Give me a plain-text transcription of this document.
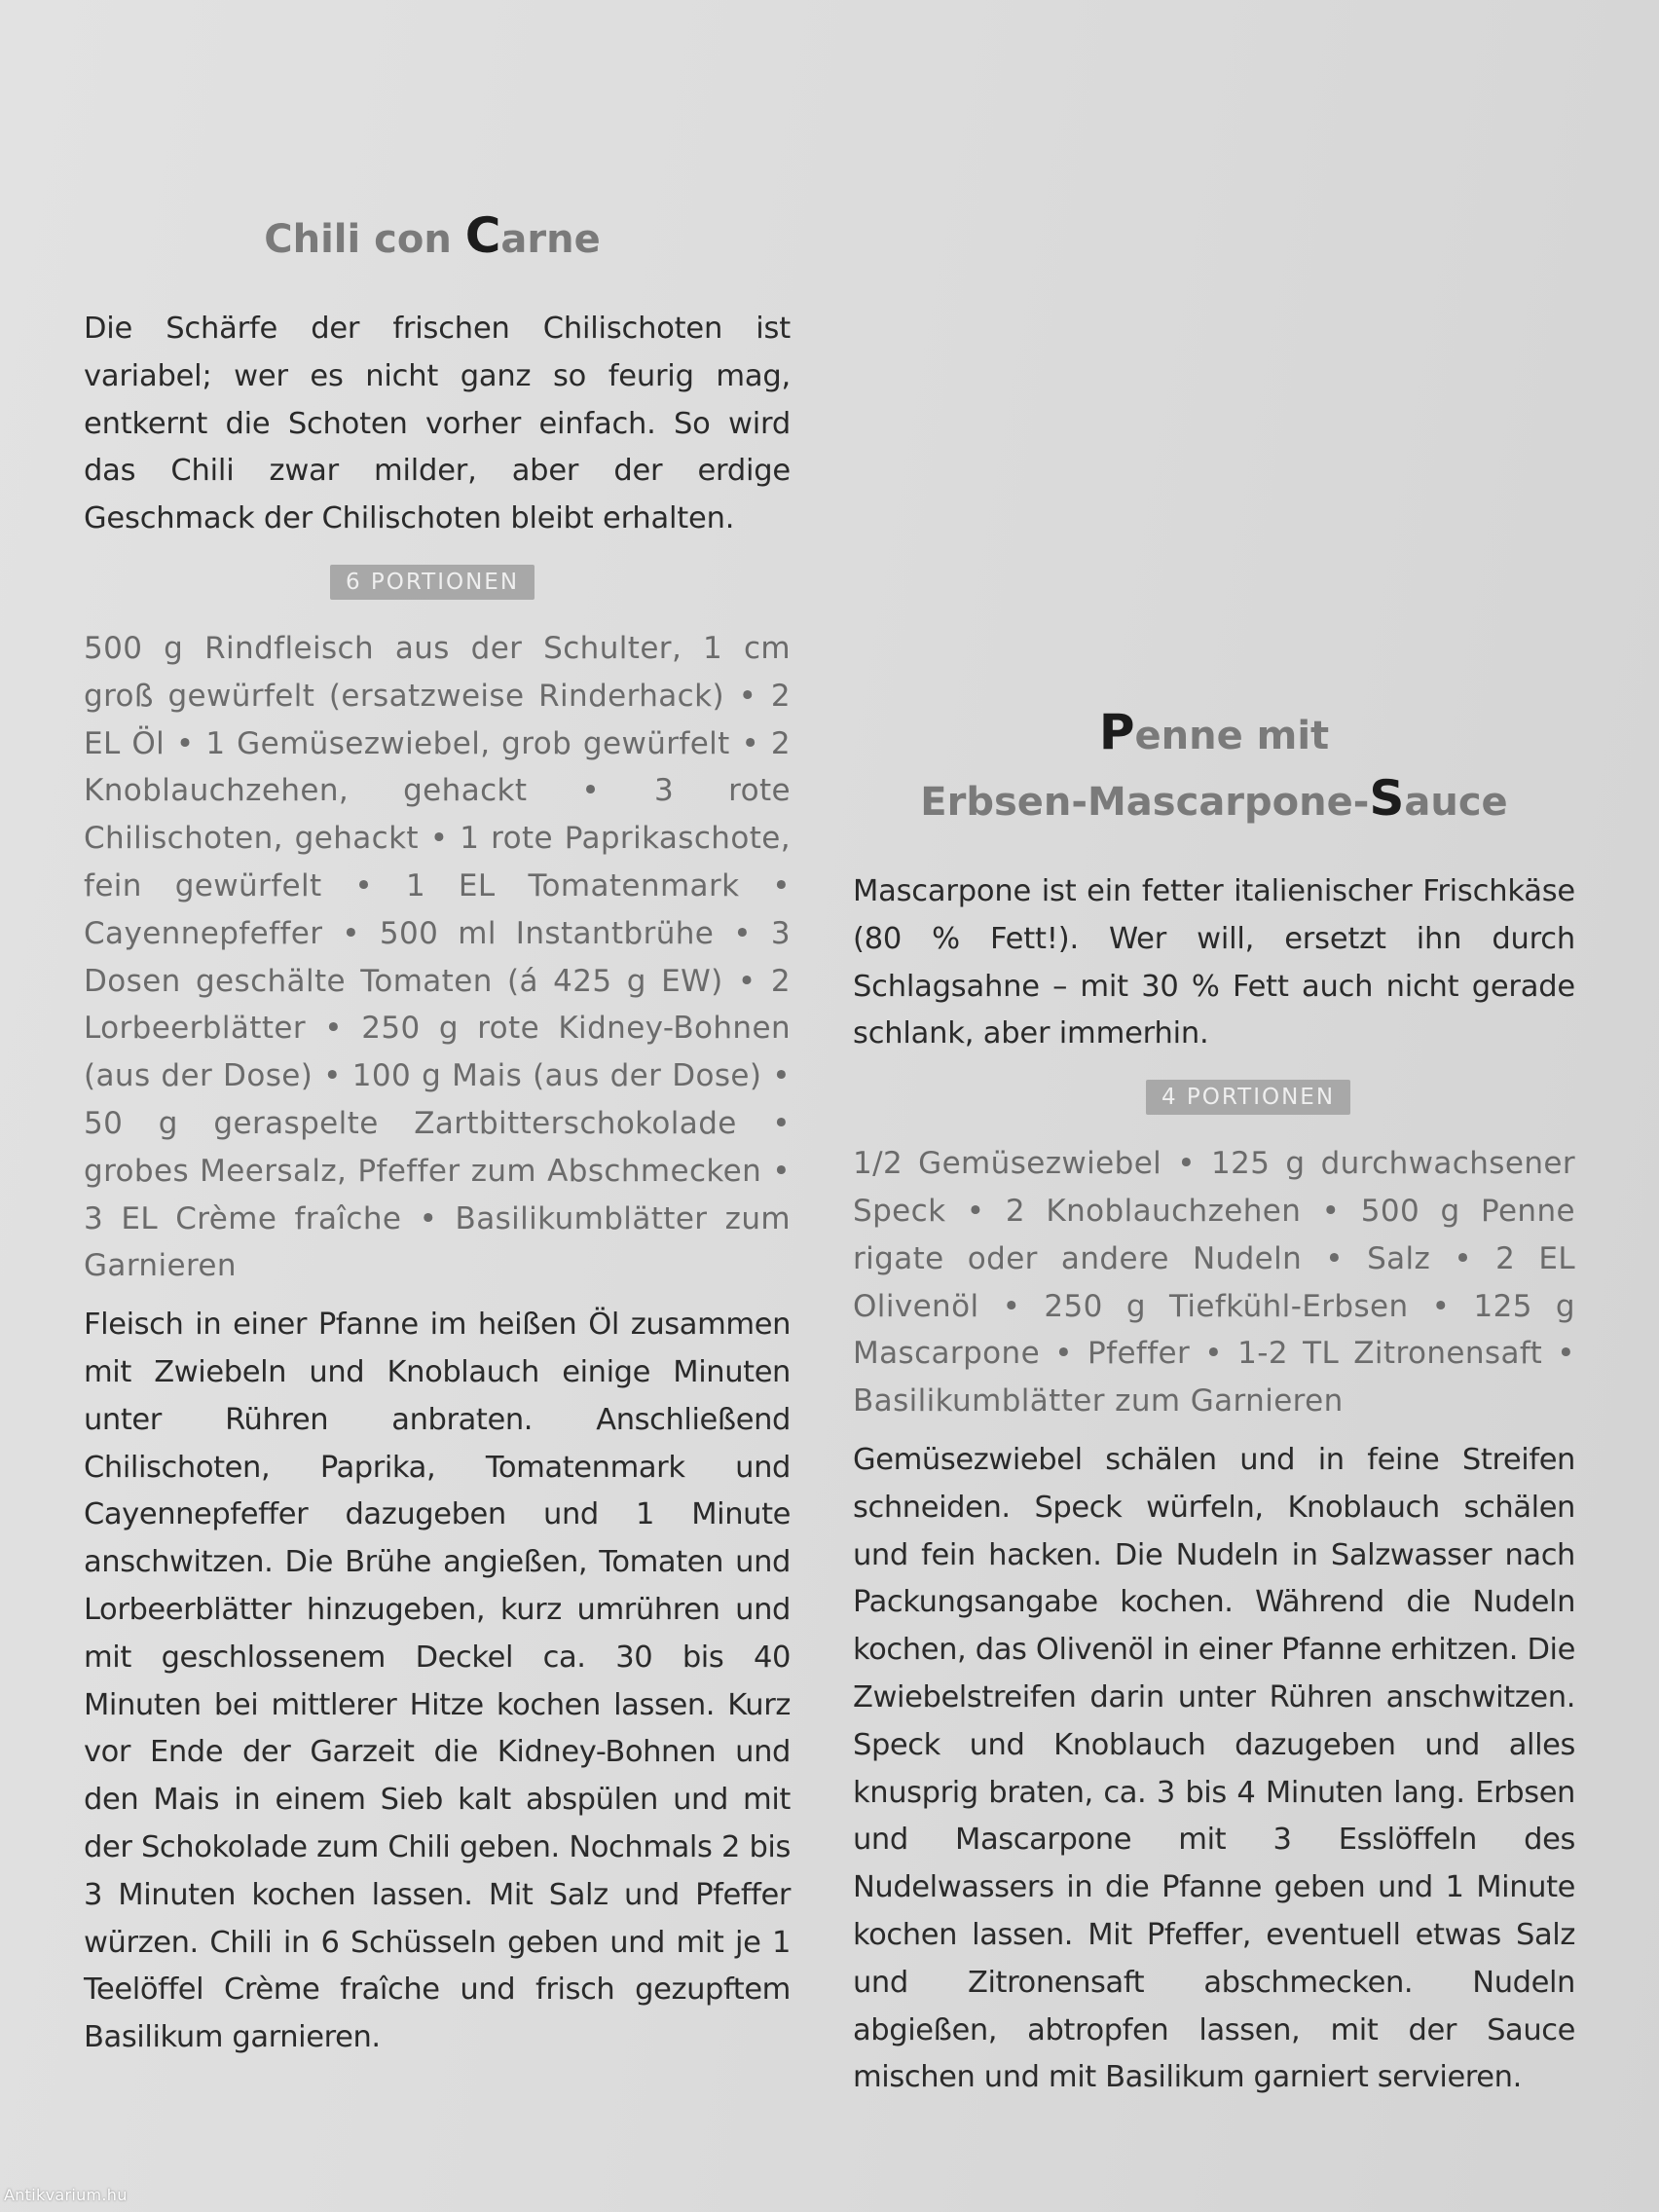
Chili con Carne

Die Schärfe der frischen Chilischoten ist variabel; wer es nicht ganz so feurig mag, entkernt die Schoten vorher einfach. So wird das Chili zwar milder, aber der erdige Geschmack der Chilischoten bleibt erhalten.

6 PORTIONEN

500 g Rindfleisch aus der Schulter, 1 cm groß gewürfelt (ersatzweise Rinderhack) • 2 EL Öl • 1 Gemüsezwiebel, grob gewürfelt • 2 Knoblauchzehen, gehackt • 3 rote Chilischoten, gehackt • 1 rote Paprikaschote, fein gewürfelt • 1 EL Tomatenmark • Cayennepfeffer • 500 ml Instantbrühe • 3 Dosen geschälte Tomaten (á 425 g EW) • 2 Lorbeerblätter • 250 g rote Kidney-Bohnen (aus der Dose) • 100 g Mais (aus der Dose) • 50 g geraspelte Zartbitterschokolade • grobes Meersalz, Pfeffer zum Abschmecken • 3 EL Crème fraîche • Basilikumblätter zum Garnieren

Fleisch in einer Pfanne im heißen Öl zusammen mit Zwiebeln und Knoblauch einige Minuten unter Rühren anbraten. Anschließend Chilischoten, Paprika, Tomatenmark und Cayennepfeffer dazugeben und 1 Minute anschwitzen. Die Brühe angießen, Tomaten und Lorbeerblätter hinzugeben, kurz umrühren und mit geschlossenem Deckel ca. 30 bis 40 Minuten bei mittlerer Hitze kochen lassen. Kurz vor Ende der Garzeit die Kidney-Bohnen und den Mais in einem Sieb kalt abspülen und mit der Schokolade zum Chili geben. Nochmals 2 bis 3 Minuten kochen lassen. Mit Salz und Pfeffer würzen. Chili in 6 Schüsseln geben und mit je 1 Teelöffel Crème fraîche und frisch gezupftem Basilikum garnieren.

Penne mit
Erbsen-Mascarpone-Sauce

Mascarpone ist ein fetter italienischer Frischkäse (80 % Fett!). Wer will, ersetzt ihn durch Schlagsahne – mit 30 % Fett auch nicht gerade schlank, aber immerhin.

4 PORTIONEN

1/2 Gemüsezwiebel • 125 g durchwachsener Speck • 2 Knoblauchzehen • 500 g Penne rigate oder andere Nudeln • Salz • 2 EL Olivenöl • 250 g Tiefkühl-Erbsen • 125 g Mascarpone • Pfeffer • 1-2 TL Zitronensaft • Basilikumblätter zum Garnieren

Gemüsezwiebel schälen und in feine Streifen schneiden. Speck würfeln, Knoblauch schälen und fein hacken. Die Nudeln in Salzwasser nach Packungsangabe kochen. Während die Nudeln kochen, das Olivenöl in einer Pfanne erhitzen. Die Zwiebelstreifen darin unter Rühren anschwitzen. Speck und Knoblauch dazugeben und alles knusprig braten, ca. 3 bis 4 Minuten lang. Erbsen und Mascarpone mit 3 Esslöffeln des Nudelwassers in die Pfanne geben und 1 Minute kochen lassen. Mit Pfeffer, eventuell etwas Salz und Zitronensaft abschmecken. Nudeln abgießen, abtropfen lassen, mit der Sauce mischen und mit Basilikum garniert servieren.

Antikvarium.hu
